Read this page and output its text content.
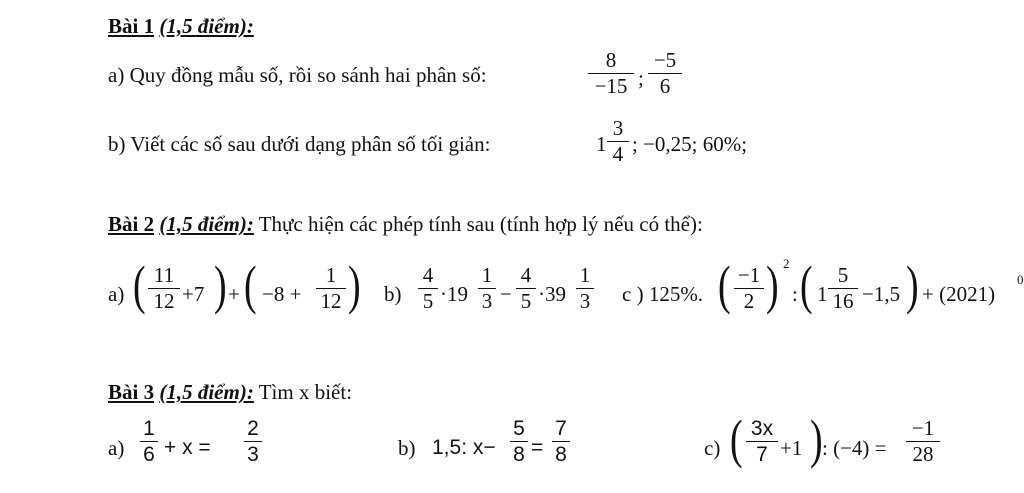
Bài 1 (1,5 điểm):
a) Quy đồng mẫu số, rồi so sánh hai phân số:
8
−15 ;
−5
6
b) Viết các số sau dưới dạng phân số tối giản:	1
3
4 ; −0,25; 60%;
Bài 2 (1,5 điểm): Thực hiện các phép tính sau (tính hợp lý nếu có thể):
a) ( 11
12 +7 ) + ( −8 +
1
12 ) b)
4
5 ·19
1
3 −
4
5 ·39
1
3 c ) 125%. ( −1
2 ) 2
: ( 1
5
16 −1,5 ) + (2021)
0
Bài 3 (1,5 điểm): Tìm x biết:
a)
1
6 + x =
2
3	b) 1,5: x−
5
8 =
7
8	c) ( 3x
7 +1 ) : (−4) =
−1
28
